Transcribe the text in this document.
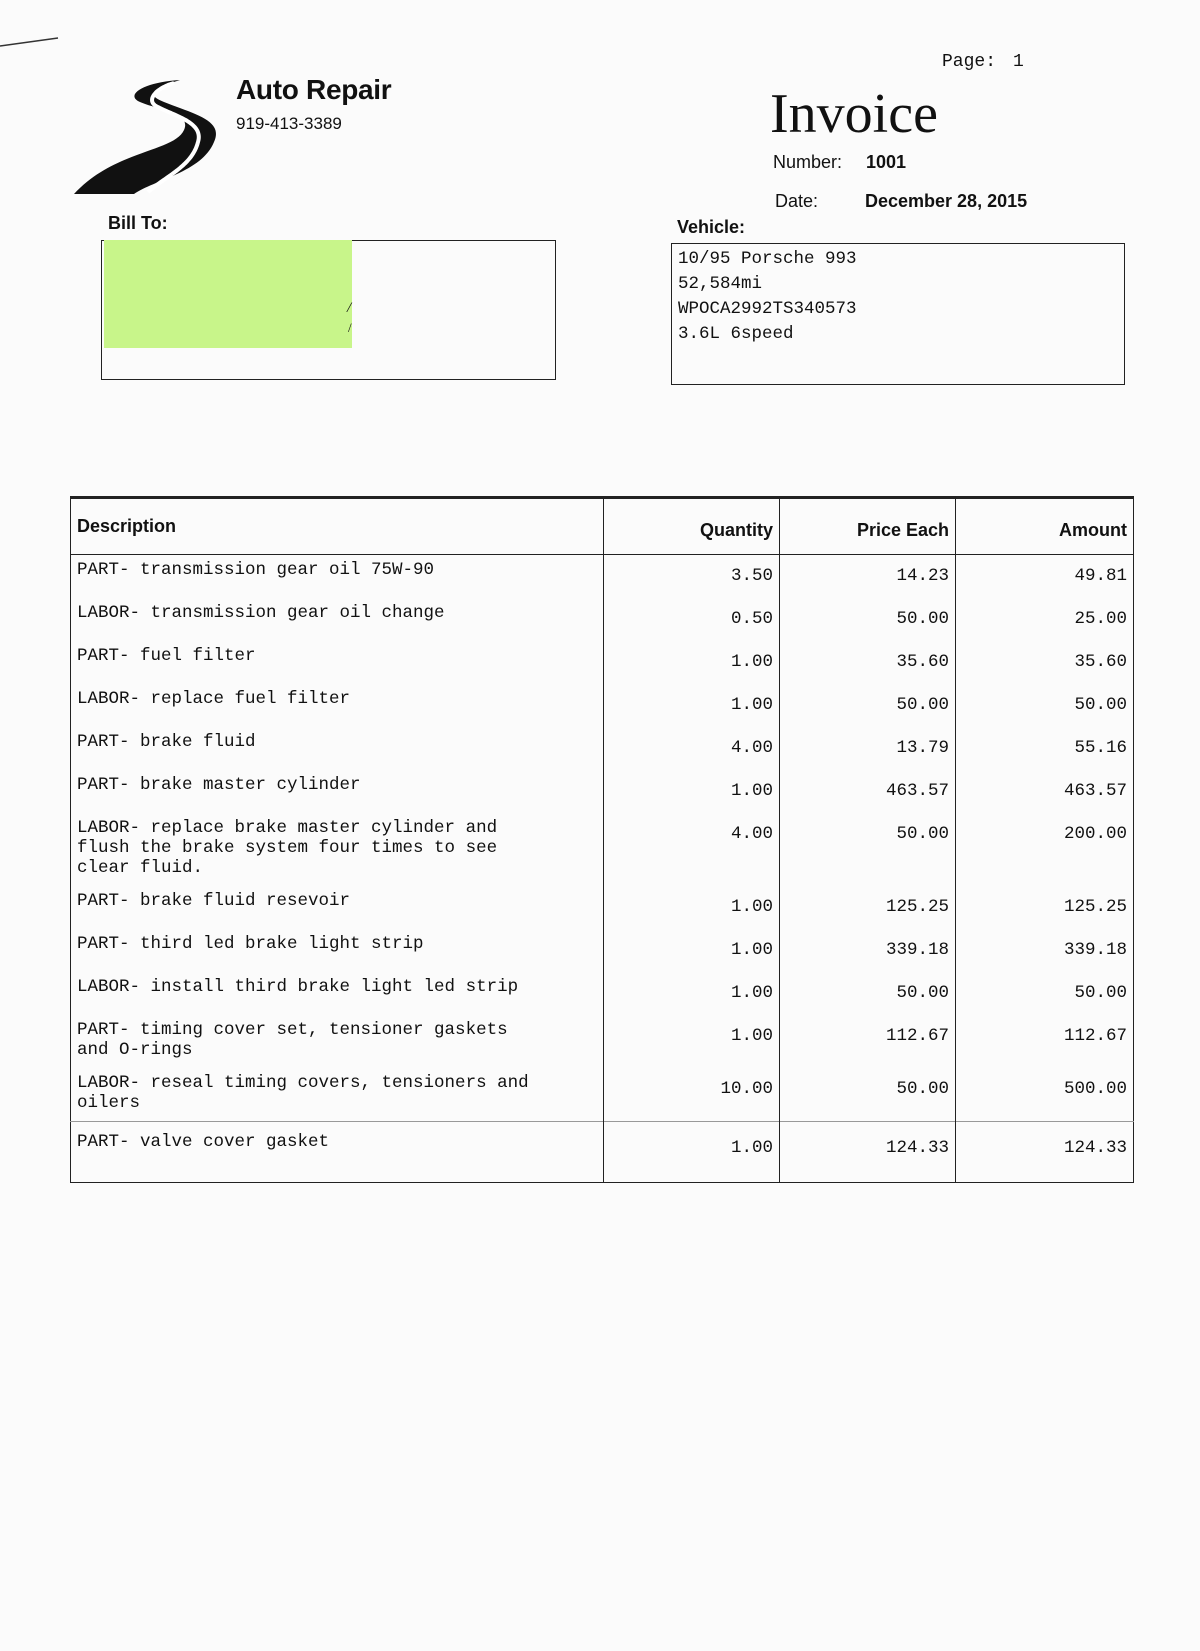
Auto Repair
919-413-3389
Page: 1
Invoice
Number: 1001
Date:	December 28, 2015
Bill To:
/
/
Vehicle:
10/95 Porsche 993
52,584mi
WPOCA2992TS340573
3.6L 6speed
Description	Quantity	Price Each	Amount
PART- transmission gear oil 75W-90	3.50	14.23	49.81
LABOR- transmission gear oil change	0.50	50.00	25.00
PART- fuel filter	1.00	35.60	35.60
LABOR- replace fuel filter	1.00	50.00	50.00
PART- brake fluid	4.00	13.79	55.16
PART- brake master cylinder	1.00	463.57	463.57
LABOR- replace brake master cylinder and
flush the brake system four times to see
clear fluid.	4.00	50.00	200.00
PART- brake fluid resevoir	1.00	125.25	125.25
PART- third led brake light strip	1.00	339.18	339.18
LABOR- install third brake light led strip	1.00	50.00	50.00
PART- timing cover set, tensioner gaskets
and O-rings	1.00	112.67	112.67
LABOR- reseal timing covers, tensioners and
oilers	10.00	50.00	500.00
PART- valve cover gasket	1.00	124.33	124.33
